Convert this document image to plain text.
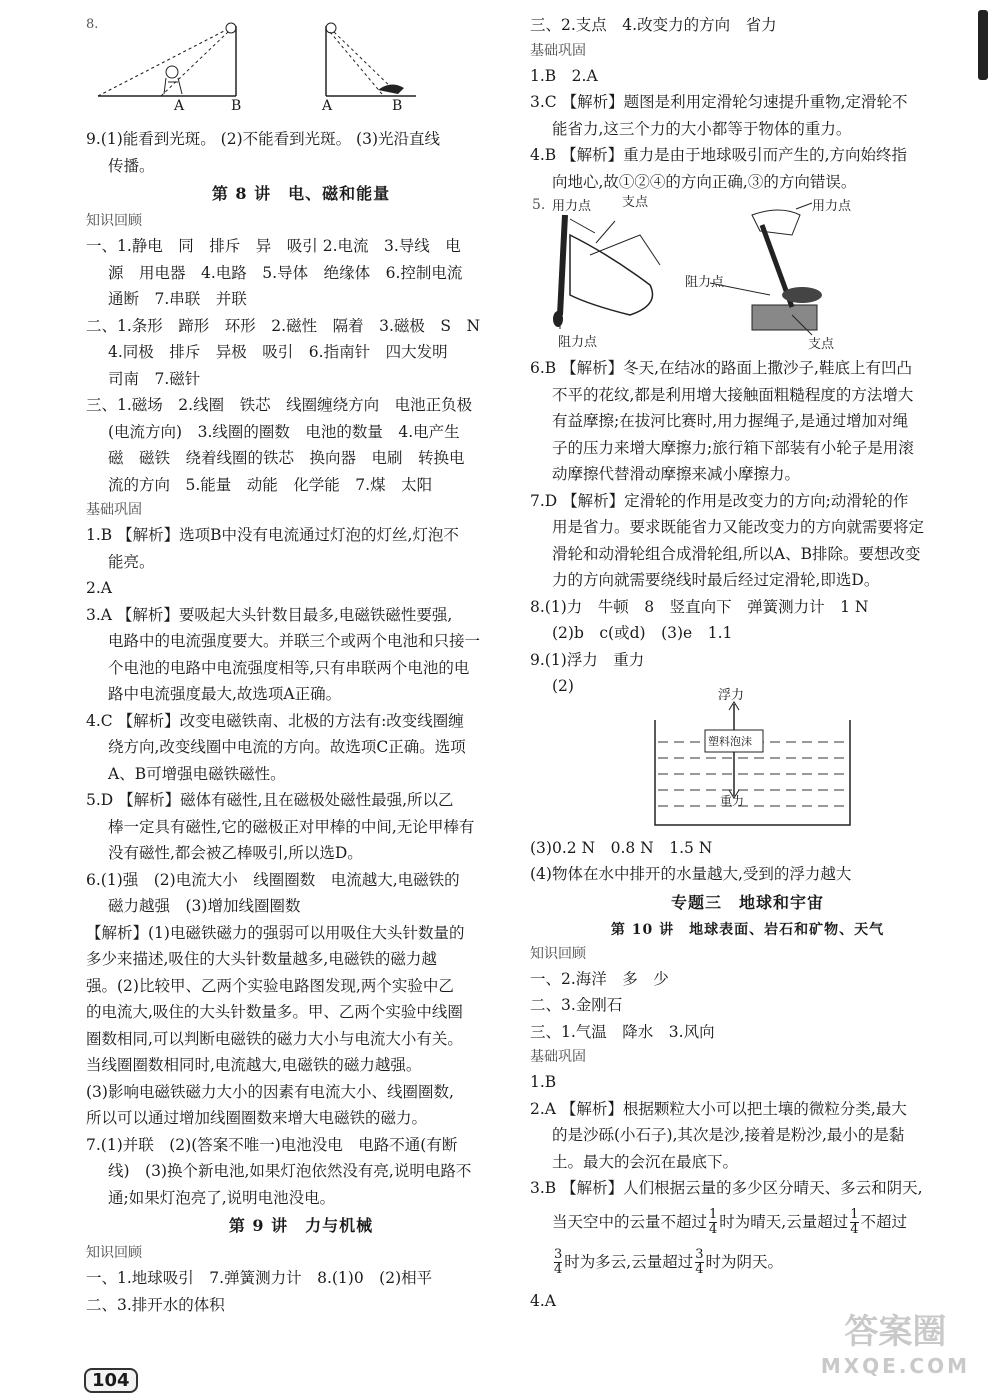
8.
A	B	A	B
9.(1)能看到光斑。 (2)不能看到光斑。 (3)光沿直线
传播。
第 8 讲　电、磁和能量
知识回顾
一、1.静电　同　排斥　异　吸引 2.电流　3.导线　电
源　用电器　4.电路　5.导体　绝缘体　6.控制电流
通断　7.串联　并联
二、1.条形　蹄形　环形　2.磁性　隔着　3.磁极　S　N
4.同极　排斥　异极　吸引　6.指南针　四大发明
司南　7.磁针
三、1.磁场　2.线圈　铁芯　线圈缠绕方向　电池正负极
(电流方向)　3.线圈的圈数　电池的数量　4.电产生
磁　磁铁　绕着线圈的铁芯　换向器　电刷　转换电
流的方向　5.能量　动能　化学能　7.煤　太阳
基础巩固
1.B 【解析】选项B中没有电流通过灯泡的灯丝,灯泡不
能亮。
2.A
3.A 【解析】要吸起大头针数目最多,电磁铁磁性要强,
电路中的电流强度要大。并联三个或两个电池和只接一
个电池的电路中电流强度相等,只有串联两个电池的电
路中电流强度最大,故选项A正确。
4.C 【解析】改变电磁铁南、北极的方法有:改变线圈缠
绕方向,改变线圈中电流的方向。故选项C正确。选项
A、B可增强电磁铁磁性。
5.D 【解析】磁体有磁性,且在磁极处磁性最强,所以乙
棒一定具有磁性,它的磁极正对甲棒的中间,无论甲棒有
没有磁性,都会被乙棒吸引,所以选D。
6.(1)强　(2)电流大小　线圈圈数　电流越大,电磁铁的
磁力越强　(3)增加线圈圈数
【解析】(1)电磁铁磁力的强弱可以用吸住大头针数量的
多少来描述,吸住的大头针数量越多,电磁铁的磁力越
强。(2)比较甲、乙两个实验电路图发现,两个实验中乙
的电流大,吸住的大头针数量多。甲、乙两个实验中线圈
圈数相同,可以判断电磁铁的磁力大小与电流大小有关。
当线圈圈数相同时,电流越大,电磁铁的磁力越强。
(3)影响电磁铁磁力大小的因素有电流大小、线圈圈数,
所以可以通过增加线圈圈数来增大电磁铁的磁力。
7.(1)并联　(2)(答案不唯一)电池没电　电路不通(有断
线)　(3)换个新电池,如果灯泡依然没有亮,说明电路不
通;如果灯泡亮了,说明电池没电。
第 9 讲　力与机械
知识回顾
一、1.地球吸引　7.弹簧测力计　8.(1)0　(2)相平
二、3.排开水的体积
三、2.支点　4.改变力的方向　省力
基础巩固
1.B　2.A
3.C 【解析】题图是利用定滑轮匀速提升重物,定滑轮不
能省力,这三个力的大小都等于物体的重力。
4.B 【解析】重力是由于地球吸引而产生的,方向始终指
向地心,故①②④的方向正确,③的方向错误。
5. 用力点 支点
阻力点
用力点
阻力点
支点
6.B 【解析】冬天,在结冰的路面上撒沙子,鞋底上有凹凸
不平的花纹,都是利用增大接触面粗糙程度的方法增大
有益摩擦;在拔河比赛时,用力握绳子,是通过增加对绳
子的压力来增大摩擦力;旅行箱下部装有小轮子是用滚
动摩擦代替滑动摩擦来减小摩擦力。
7.D 【解析】定滑轮的作用是改变力的方向;动滑轮的作
用是省力。要求既能省力又能改变力的方向就需要将定
滑轮和动滑轮组合成滑轮组,所以A、B排除。要想改变
力的方向就需要绕线时最后经过定滑轮,即选D。
8.(1)力　牛顿　8　竖直向下　弹簧测力计　1 N
(2)b　c(或d)　(3)e　1.1
9.(1)浮力　重力
(2)	浮力
塑料泡沫
重力
(3)0.2 N　0.8 N　1.5 N
(4)物体在水中排开的水量越大,受到的浮力越大
专题三　地球和宇宙
第 10 讲　地球表面、岩石和矿物、天气
知识回顾
一、2.海洋　多　少
二、3.金刚石
三、1.气温　降水　3.风向
基础巩固
1.B
2.A 【解析】根据颗粒大小可以把土壤的微粒分类,最大
的是沙砾(小石子),其次是沙,接着是粉沙,最小的是黏
土。最大的会沉在最底下。
3.B 【解析】人们根据云量的多少区分晴天、多云和阴天,
当天空中的云量不超过 $\frac{1}{4}$ 时为晴天,云量超过 $\frac{1}{4}$ 不超过
$\frac{3}{4}$ 时为多云,云量超过 $\frac{3}{4}$ 时为阴天。
4.A
104
答案圈
MXQE.COM
